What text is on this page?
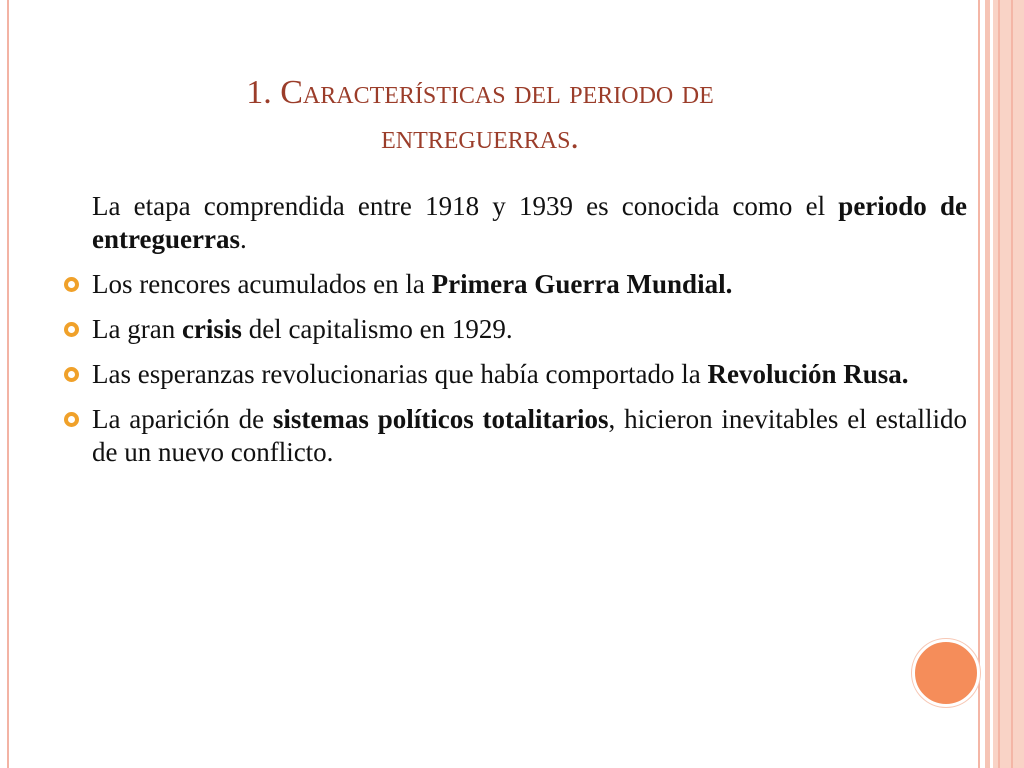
1. Características del periodo de
entreguerras.
La etapa comprendida entre 1918 y 1939 es conocida como el periodo de entreguerras.
Los rencores acumulados en la Primera Guerra Mundial.
La gran crisis del capitalismo en 1929.
Las esperanzas revolucionarias que había comportado la Revolución Rusa.
La aparición de sistemas políticos totalitarios, hicieron inevitables el estallido de un nuevo conflicto.
